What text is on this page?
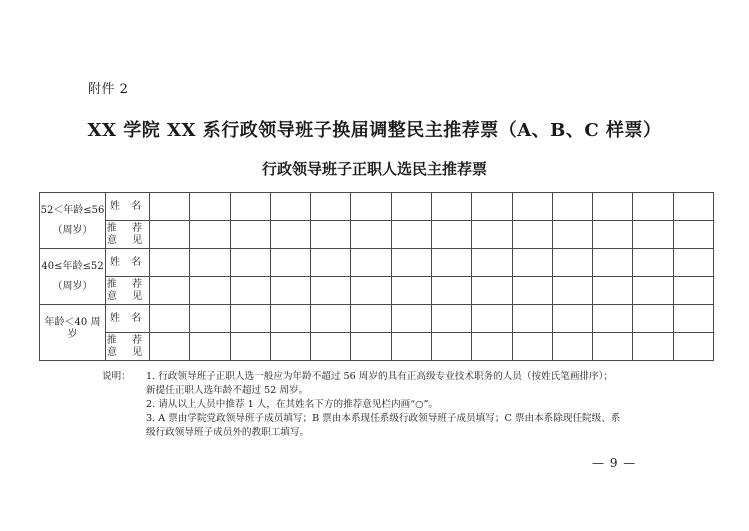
附件 2
XX 学院 XX 系行政领导班子换届调整民主推荐票（A、B、C 样票）
行政领导班子正职人选民主推荐票
52＜年龄≤56
（周岁）	姓 名														

	推 荐
意 见														

40≤年龄≤52
（周岁）	姓 名														

	推 荐
意 见														

年龄＜40 周岁	姓 名														

	推 荐
意 见														

说明： 1. 行政领导班子正职人选一般应为年龄不超过 56 周岁的具有正高级专业技术职务的人员（按姓氏笔画排序）；
新提任正职人选年龄不超过 52 周岁。
2. 请从以上人员中推荐 1 人，在其姓名下方的推荐意见栏内画“○”。
3. A 票由学院党政领导班子成员填写；B 票由本系现任系级行政领导班子成员填写；C 票由本系除现任院级、系
级行政领导班子成员外的教职工填写。
— 9 —
